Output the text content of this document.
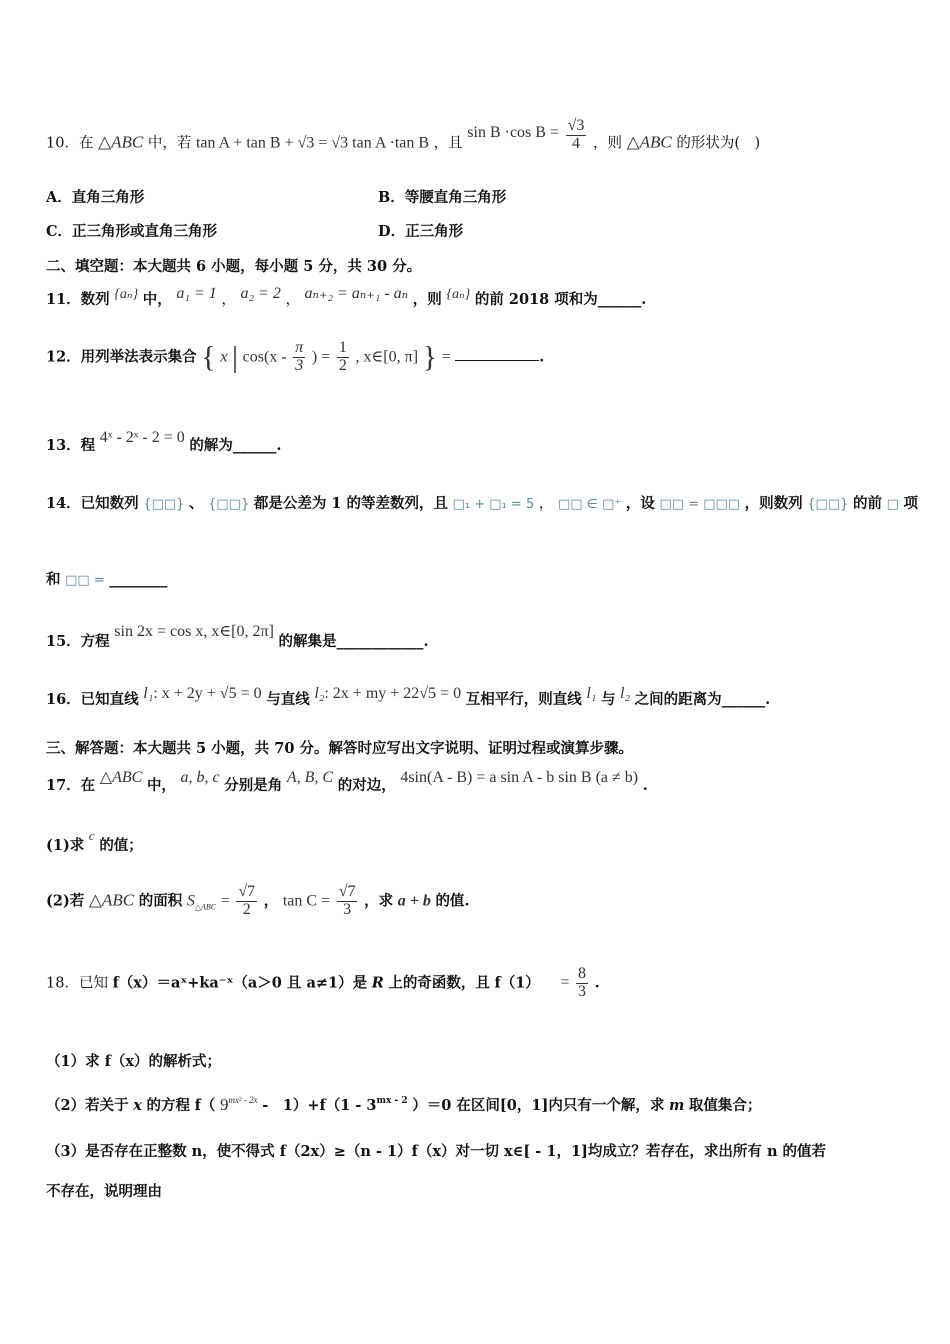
10．在 △ABC 中，若 tan A + tan B + √3 = √3 tan A ·tan B ，且 sin B ·cos $B = \frac{√3}{4}$ ，则 △ABC 的形状为(　)
A．直角三角形	B．等腰直角三角形
C．正三角形或直角三角形	D．正三角形
二、填空题：本大题共 6 小题，每小题 5 分，共 30 分。
11．数列 {aₙ} 中， a₁ = 1 ， a₂ = 2 ， aₙ₊₂ = aₙ₊₁ - aₙ ，则 {aₙ} 的前 2018 项和为______.
12．用列举法表示集合 { x | $\cos(x - \frac{\pi}{3}$ ) = $\frac{1}{2}$ , x∈[0, π] } =	.
13．程 4ˣ - 2ˣ - 2 = 0 的解为______.
14．已知数列 {□□} 、 {□□} 都是公差为 1 的等差数列，且 □₁ + □₁ = 5 ， □□ ∈ □⁺ ，设 □□ = □□□ ，则数列 {□□} 的前 □ 项
和 □□ = ________
15．方程 sin 2x = cos x, x∈[0, 2π] 的解集是____________.
16．已知直线 l₁: x + 2y + √5 = 0 与直线 l₂: 2x + my + 22√5 = 0 互相平行，则直线 l₁ 与 l₂ 之间的距离为______.
三、解答题：本大题共 5 小题，共 70 分。解答时应写出文字说明、证明过程或演算步骤。
17．在 △ABC 中， a, b, c 分别是角 A, B, C 的对边， 4sin(A - B) = a sin A - b sin B (a ≠ b) .
(1)求 c 的值；
(2)若 △ABC 的面积 $S_{\triangle ABC} = \frac{√7}{2}$ ， $\tan C = \frac{√7}{3}$ ，求 a + b 的值.
18．已知 f（x）＝aˣ+ka⁻ˣ（a＞0 且 a≠1）是 R 上的奇函数，且 $f(1) = \frac{8}{3}$ .
（1）求 f（x）的解析式；
（2）若关于 x 的方程 f（ $9^{mx^2 - 2x}$ -　$1)+f(1 - 3^{mx - 2}$ ）＝0 在区间[0，1]内只有一个解，求 m 取值集合；
（3）是否存在正整数 n，使不得式 f（2x）≥（n - 1）f（x）对一切 x∈[ - 1，1]均成立？若存在，求出所有 n 的值若
不存在，说明理由
